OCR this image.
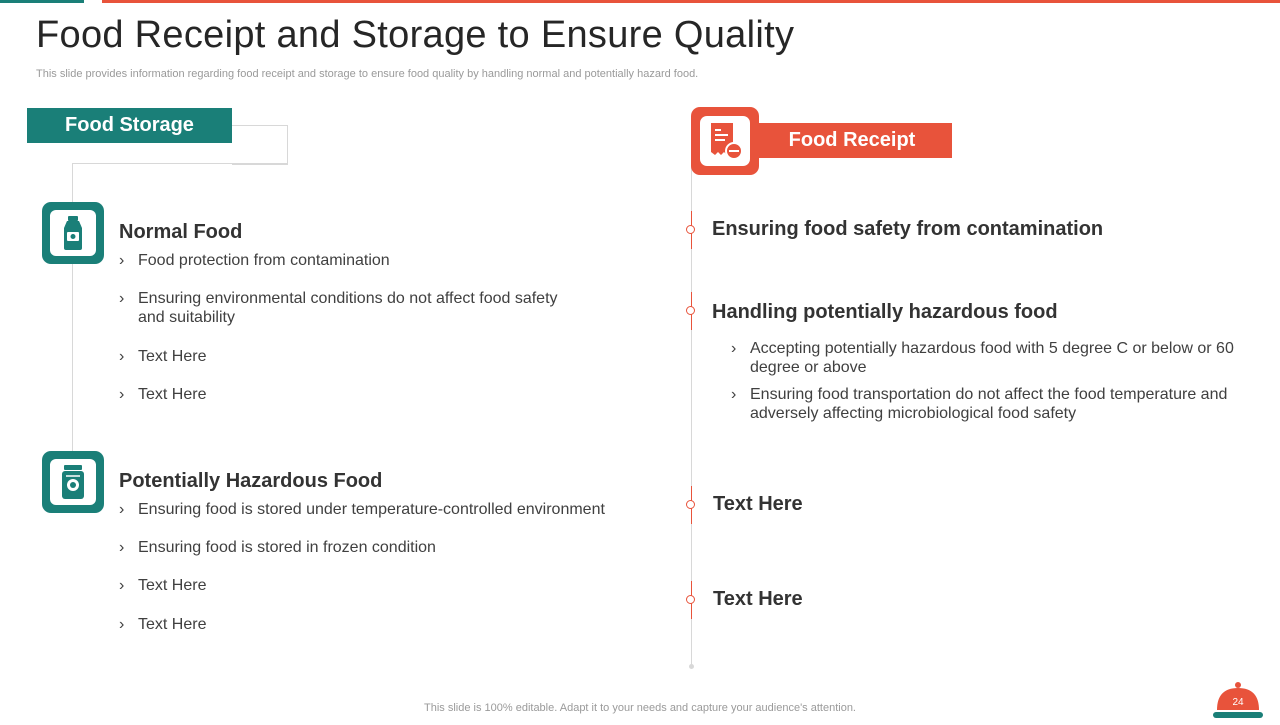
Food Receipt and Storage to Ensure Quality
This slide provides information regarding food receipt and storage to ensure food quality by handling normal and potentially hazard food.
Food Storage
Normal Food
› Food protection from contamination
› Ensuring environmental conditions do not affect food safety and suitability
› Text Here
› Text Here
Potentially Hazardous Food
› Ensuring food is stored under temperature-controlled environment
› Ensuring food is stored in frozen condition
› Text Here
› Text Here
Food Receipt
Ensuring food safety from contamination
Handling potentially hazardous food
› Accepting potentially hazardous food with 5 degree C or below or 60 degree or above
› Ensuring food transportation do not affect the food temperature and adversely affecting microbiological food safety
Text Here
Text Here
This slide is 100% editable. Adapt it to your needs and capture your audience's attention.	24
